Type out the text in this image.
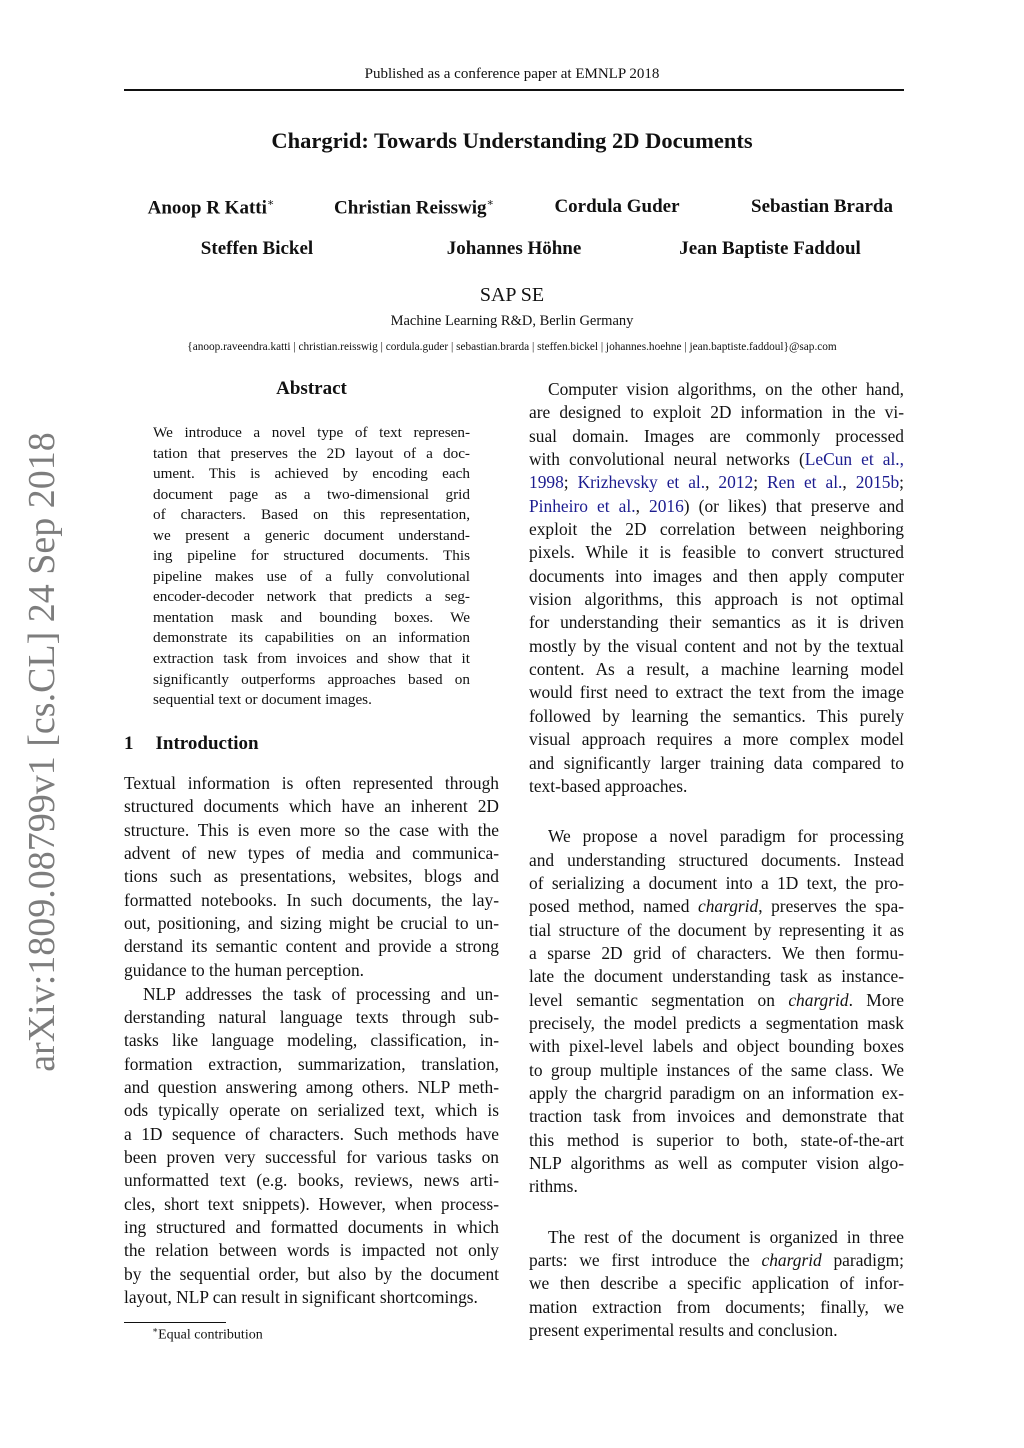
Published as a conference paper at EMNLP 2018
Chargrid: Towards Understanding 2D Documents
Anoop R Katti∗	Christian Reisswig∗	Cordula Guder	Sebastian Brarda
Steffen Bickel	Johannes Höhne	Jean Baptiste Faddoul
SAP SE
Machine Learning R&D, Berlin Germany
{anoop.raveendra.katti | christian.reisswig | cordula.guder | sebastian.brarda | steffen.bickel | johannes.hoehne | jean.baptiste.faddoul}@sap.com
arXiv:1809.08799v1 [cs.CL] 24 Sep 2018
Abstract
We introduce a novel type of text represen-
tation that preserves the 2D layout of a doc-
ument. This is achieved by encoding each
document page as a two-dimensional grid
of characters. Based on this representation,
we present a generic document understand-
ing pipeline for structured documents. This
pipeline makes use of a fully convolutional
encoder-decoder network that predicts a seg-
mentation mask and bounding boxes. We
demonstrate its capabilities on an information
extraction task from invoices and show that it
significantly outperforms approaches based on
sequential text or document images.
1 Introduction
Textual information is often represented through
structured documents which have an inherent 2D
structure. This is even more so the case with the
advent of new types of media and communica-
tions such as presentations, websites, blogs and
formatted notebooks. In such documents, the lay-
out, positioning, and sizing might be crucial to un-
derstand its semantic content and provide a strong
guidance to the human perception.
NLP addresses the task of processing and un-
derstanding natural language texts through sub-
tasks like language modeling, classification, in-
formation extraction, summarization, translation,
and question answering among others. NLP meth-
ods typically operate on serialized text, which is
a 1D sequence of characters. Such methods have
been proven very successful for various tasks on
unformatted text (e.g. books, reviews, news arti-
cles, short text snippets). However, when process-
ing structured and formatted documents in which
the relation between words is impacted not only
by the sequential order, but also by the document
layout, NLP can result in significant shortcomings.
Computer vision algorithms, on the other hand,
are designed to exploit 2D information in the vi-
sual domain. Images are commonly processed
with convolutional neural networks (LeCun et al.,
1998; Krizhevsky et al., 2012; Ren et al., 2015b;
Pinheiro et al., 2016) (or likes) that preserve and
exploit the 2D correlation between neighboring
pixels. While it is feasible to convert structured
documents into images and then apply computer
vision algorithms, this approach is not optimal
for understanding their semantics as it is driven
mostly by the visual content and not by the textual
content. As a result, a machine learning model
would first need to extract the text from the image
followed by learning the semantics. This purely
visual approach requires a more complex model
and significantly larger training data compared to
text-based approaches.
We propose a novel paradigm for processing
and understanding structured documents. Instead
of serializing a document into a 1D text, the pro-
posed method, named chargrid, preserves the spa-
tial structure of the document by representing it as
a sparse 2D grid of characters. We then formu-
late the document understanding task as instance-
level semantic segmentation on chargrid. More
precisely, the model predicts a segmentation mask
with pixel-level labels and object bounding boxes
to group multiple instances of the same class. We
apply the chargrid paradigm on an information ex-
traction task from invoices and demonstrate that
this method is superior to both, state-of-the-art
NLP algorithms as well as computer vision algo-
rithms.
The rest of the document is organized in three
parts: we first introduce the chargrid paradigm;
we then describe a specific application of infor-
mation extraction from documents; finally, we
present experimental results and conclusion.
∗Equal contribution
